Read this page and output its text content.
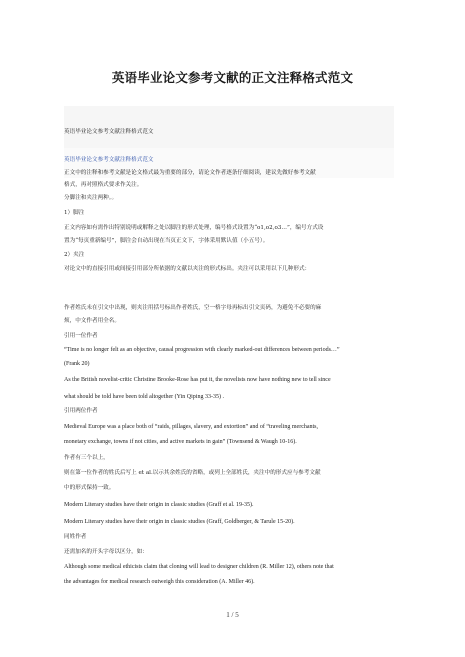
英语毕业论文参考文献的正文注释格式范文
英语毕业论文参考文献注释格式范文
英语毕业论文参考文献注释格式范文
正文中的注释和参考文献是论文格式最为重要的部分，请论文作者逐条仔细阅读，建议先做好参考文献
格式，再对照格式要求作关注。
分脚注和夹注两种。。
1）脚注
正文内容如有需作出特别说明或解释之处以脚注的形式处理，编号格式设置为“o1,o2,o3…”，编号方式设
置为“每页重新编号”，脚注会自动出现在当页正文下，字体采用默认值（小五号）。
2）夹注
对论文中的直接引用或间接引用部分所依据的文献以夹注的形式标出。夹注可以采用以下几种形式：
作者姓氏未在引文中出现，则夹注用括号标出作者姓氏，空一格字母再标出引文页码，为避免不必要的麻
烦，中文作者用全名。
引用一位作者
“Time is no longer felt as an objective, causal progression with clearly marked-out differences between periods…”
(Frank 20)
As the British novelist-critic Christine Brooke-Rose has put it, the novelists now have nothing new to tell since
what should be told have been told altogether (Yin Qiping 33-35) .
引用两位作者
Medieval Europe was a place both of “raids, pillages, slavery, and extortion” and of “traveling merchants,
monetary exchange, towns if not cities, and active markets in gain” (Townsend & Waugh 10-16).
作者有三个以上，
则在第一位作者的姓氏后写上 et al.以示其余姓氏的省略，或列上全部姓氏，夹注中的形式应与参考文献
中的形式保持一致。
Modern Literary studies have their origin in classic studies (Graff et al. 19-35).
Modern Literary studies have their origin in classic studies (Graff, Goldberger, & Tarule 15-20).
同姓作者
还需加名的开头字母以区分，如：
Although some medical ethicists claim that cloning will lead to designer children (R. Miller 12), others note that
the advantages for medical research outweigh this consideration (A. Miller 46).
1 / 5
